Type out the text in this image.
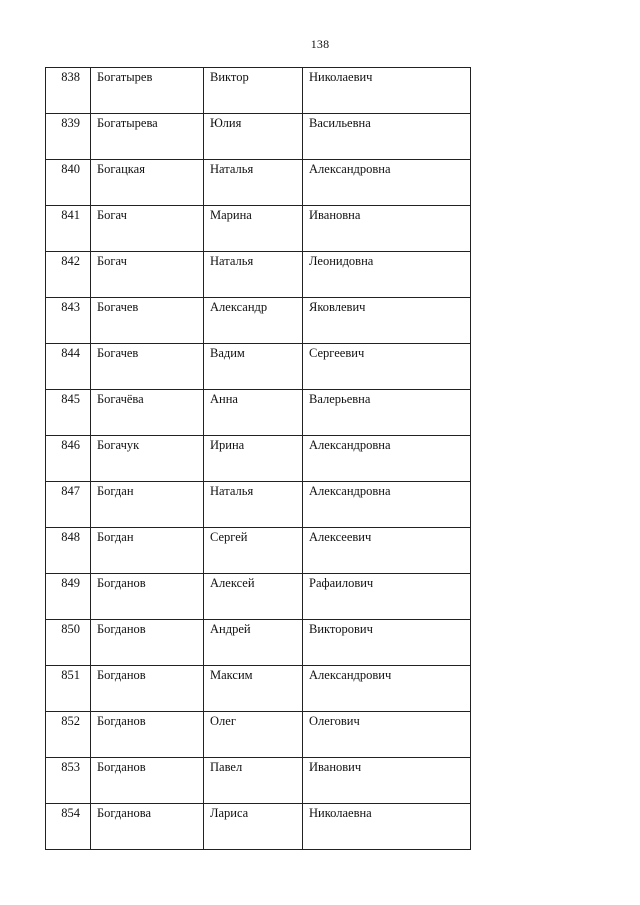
138
838	Богатырев	Виктор	Николаевич
839	Богатырева	Юлия	Васильевна
840	Богацкая	Наталья	Александровна
841	Богач	Марина	Ивановна
842	Богач	Наталья	Леонидовна
843	Богачев	Александр	Яковлевич
844	Богачев	Вадим	Сергеевич
845	Богачёва	Анна	Валерьевна
846	Богачук	Ирина	Александровна
847	Богдан	Наталья	Александровна
848	Богдан	Сергей	Алексеевич
849	Богданов	Алексей	Рафаилович
850	Богданов	Андрей	Викторович
851	Богданов	Максим	Александрович
852	Богданов	Олег	Олегович
853	Богданов	Павел	Иванович
854	Богданова	Лариса	Николаевна
